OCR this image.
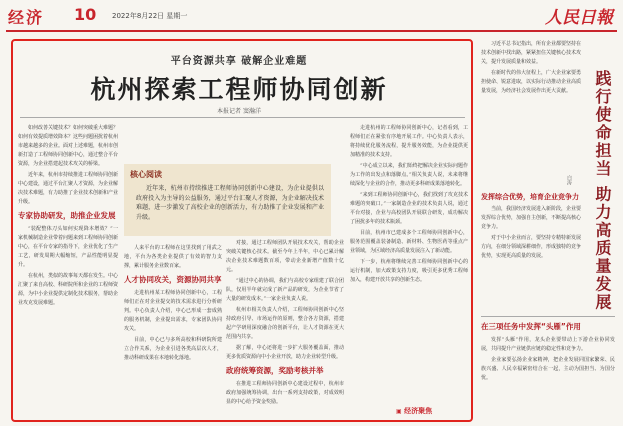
经济 10 2022年8月22日 星期一	人民日報
平台资源共享 破解企业难题
杭州探索工程师协同创新
本报记者 窦瀚洋

如何改善关键技术？如何突破重大难题？如何有效提质增效降本？这些问题困扰着杭州市越来越多的企业。面对上述难题，杭州市创新打造了工程师协同创新中心，通过整合平台资源，为企业搭建起技术攻关的桥梁。

近年来，杭州市持续推进工程师协同创新中心建设，通过平台汇聚人才资源，为企业解决技术难题，有力助推了企业技术创新和产业升级。

专家协助研发，助推企业发展

“装配整体刀头如何实现降本增效？”一家机械制造企业带着问题来到工程师协同创新中心，在平台专家的指导下，企业优化了生产工艺，研发周期大幅缩短，产品性能明显提升。

在杭州，类似的故事每天都在发生。中心汇聚了来自高校、科研院所和企业的工程师资源，为中小企业提供定制化技术服务，帮助企业攻克发展难题。

人来平台的工程师在这里找到了用武之地，平台为各类企业提供了有效的智力支撑，累计服务企业数百家。

人才协同攻关，资源协同共享

走进杭州某工程师协同创新中心，工程师们正在对企业提交的技术需求进行分析研判。中心负责人介绍，中心已形成一套成熟的服务机制，企业提出需求，专家团队协同攻关。

目前，中心已与多所高校和科研院所建立合作关系，为企业引进各类高层次人才，推动科研成果在本地转化落地。

对接，通过工程师团队开展技术攻关，帮助企业突破关键核心技术。截至今年上半年，中心已累计解决企业技术难题数百项，带动企业新增产值数十亿元。

“通过中心的协调，我们与高校专家组建了联合团队，仅用半年就完成了新产品的研发，为企业节省了大量的研发成本。”一家企业负责人说。

杭州市相关负责人介绍，工程师协同创新中心坚持政府引导、市场运作的原则，整合各方资源，搭建起产学研用深度融合的创新平台，让人才资源在更大范围内共享。

据了解，中心还将进一步扩大服务覆盖面，推动更多优质资源向中小企业开放，助力企业转型升级。

政府统筹资源，奖励考核并举

在推进工程师协同创新中心建设过程中，杭州市政府加强统筹协调，出台一系列支持政策，对成效明显的中心给予资金奖励。

走进杭州的工程师协同创新中心，记者看到，工程师们正在紧张有序地开展工作。中心负责人表示，将持续优化服务流程，提升服务效能，为企业提供更加精准的技术支持。

“中心成立以来，我们始终把解决企业实际问题作为工作的出发点和落脚点。”相关负责人说，未来将继续深化与企业的合作，推动更多科研成果落地转化。

“来到工程师协同创新中心，我们找到了攻克技术难题的突破口。”一家制造企业的技术负责人说，通过平台对接，企业与高校团队开展联合研发，成功解决了困扰多年的技术瓶颈。

目前，杭州市已建成多个工程师协同创新中心，服务范围覆盖装备制造、新材料、生物医药等重点产业领域，为区域经济高质量发展注入了新动能。

下一步，杭州将继续完善工程师协同创新中心的运行机制，加大政策支持力度，吸引更多优秀工程师加入，构建开放共享的创新生态。

核心阅读
近年来，杭州市持续推进工程师协同创新中心建设，为企业提供以政府投入为主导的公益服务，通过平台汇聚人才资源，为企业解决技术难题，进一步激发了高校企业的创新活力，有力助推了企业发展和产业升级。
▣ 经济聚焦

习近平总书记指出，所有企业都要坚持在技术创新中找出路，紧紧扭住关键核心技术攻关，提升发展质量和效益。

在新时代的伟大征程上，广大企业家要勇担使命、锐意进取，以实际行动推动企业高质量发展，为经济社会发展作出更大贡献。	践行使命担当 助力高质量发展
白涛
发挥综合优势，培育企业竞争力

当前，我国经济发展进入新阶段，企业要发挥综合优势，加强自主创新，不断提高核心竞争力。

对于中小企业而言，要坚持专精特新发展方向，在细分领域深耕细作，形成独特的竞争优势，实现更高质量的发展。

在三项任务中发挥“头雁”作用

发挥“头雁”作用，龙头企业要带动上下游企业协同发展，共同提升产业链供应链的稳定性和竞争力。

企业家要弘扬企业家精神，把企业发展同国家繁荣、民族兴盛、人民幸福紧密结合在一起，主动为国担当、为国分忧。
